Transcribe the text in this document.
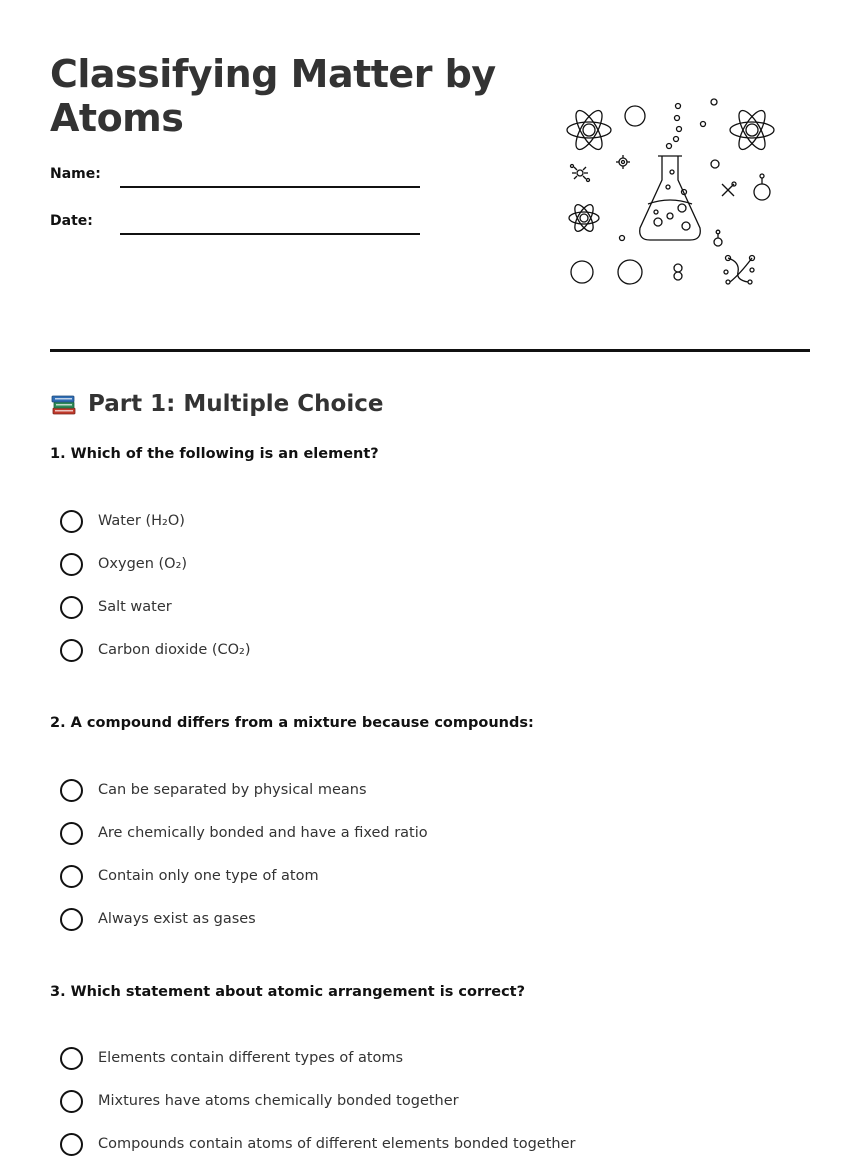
Classifying Matter by Atoms
Name:
Date:
Part 1: Multiple Choice

1. Which of the following is an element?

Water (H₂O)
Oxygen (O₂)
Salt water
Carbon dioxide (CO₂)

2. A compound differs from a mixture because compounds:

Can be separated by physical means
Are chemically bonded and have a fixed ratio
Contain only one type of atom
Always exist as gases

3. Which statement about atomic arrangement is correct?

Elements contain different types of atoms
Mixtures have atoms chemically bonded together
Compounds contain atoms of different elements bonded together
